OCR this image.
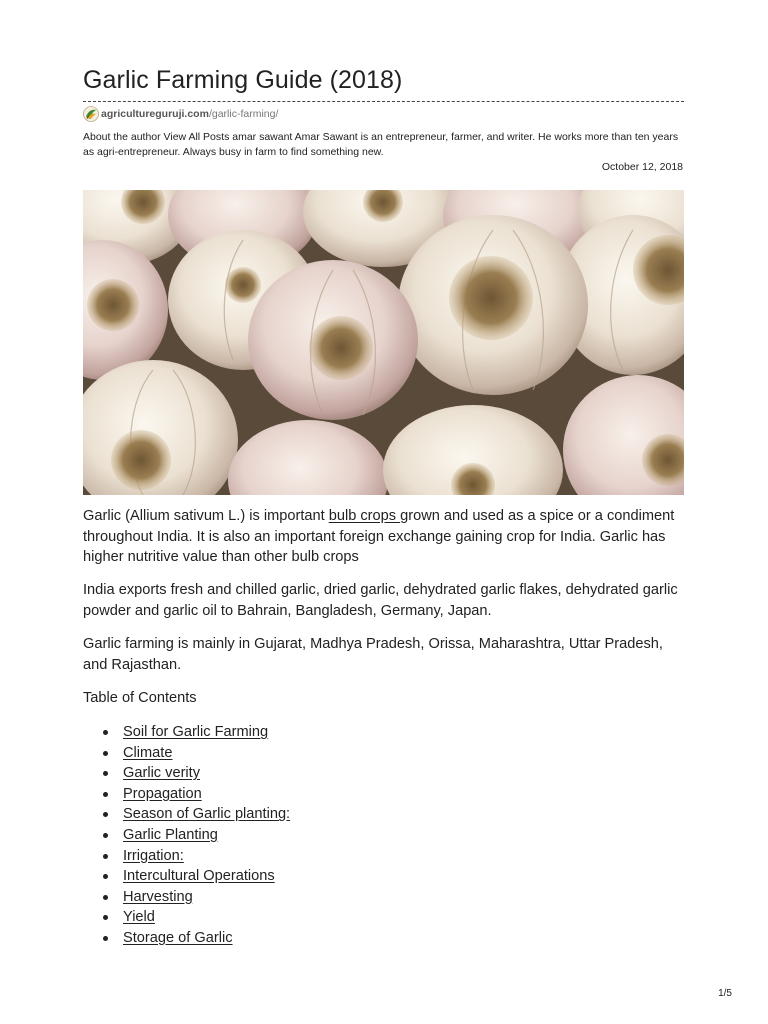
Garlic Farming Guide (2018)
agricultureguruji.com /garlic-farming/

About the author View All Posts amar sawant Amar Sawant is an entrepreneur, farmer, and writer. He works more than ten years as agri-entrepreneur. Always busy in farm to find something new.

October 12, 2018

Garlic (Allium sativum L.) is important bulb crops grown and used as a spice or a condiment throughout India. It is also an important foreign exchange gaining crop for India. Garlic has higher nutritive value than other bulb crops

India exports fresh and chilled garlic, dried garlic, dehydrated garlic flakes, dehydrated garlic powder and garlic oil to Bahrain, Bangladesh, Germany, Japan.

Garlic farming is mainly in Gujarat, Madhya Pradesh, Orissa, Maharashtra, Uttar Pradesh, and Rajasthan.

Table of Contents

Soil for Garlic Farming
Climate
Garlic verity
Propagation
Season of Garlic planting:
Garlic Planting
Irrigation:
Intercultural Operations
Harvesting
Yield
Storage of Garlic
1/5
